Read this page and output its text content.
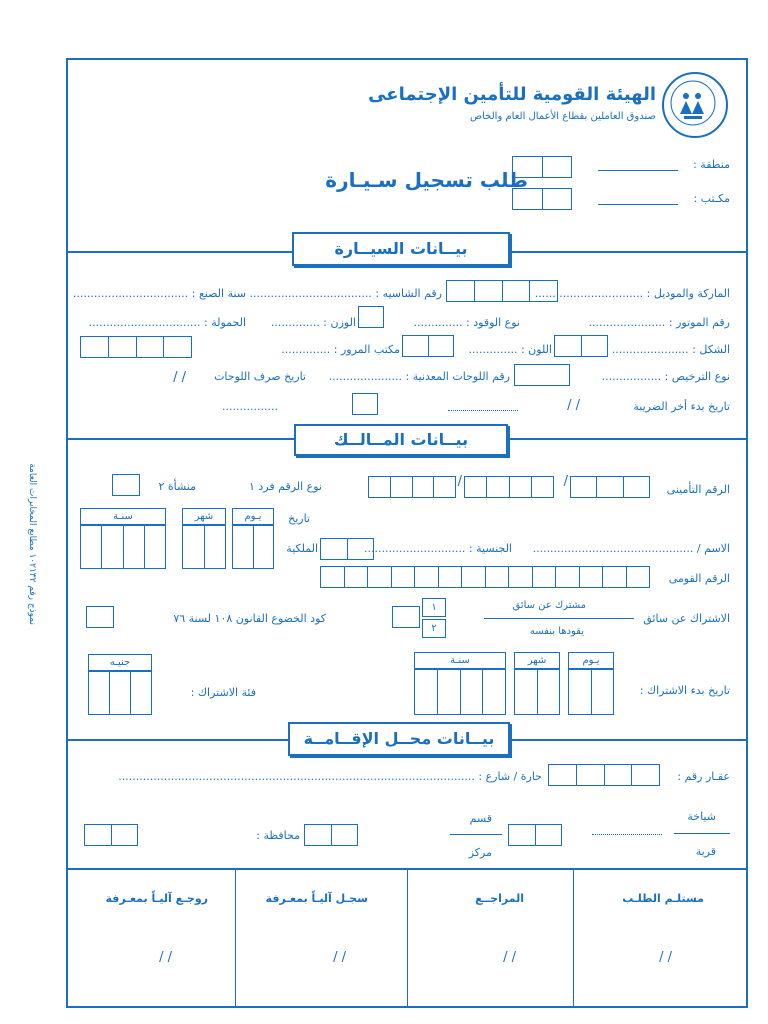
الهيئة القومية للتأمين الإجتماعى
صندوق العاملين بقطاع الأعمال العام والخاص
طلب تسجيل سـيـارة
منطقة :
مكـتب :
بيــانات السيــارة
الماركة والموديل : ...............................
رقم الشاسيه : ...................................
سنة الصنع : .................................
رقم الموتور : ......................
نوع الوقود : ..............
الوزن : ..............
الحمولة : ................................
الشكل : ......................
اللون : ..............
مكتب المرور : ..............
نوع الترخيص : .................
رقم اللوحات المعدنية : .....................
تاريخ صرف اللوحات
/ /
تاريخ بدء أخر الضريبة
/ /
................
بيــانات المــالــك
الرقم التأمينى
/
/
نوع الرقم فرد ١
منشأة ٢
تاريخ
يـوم
شهر
سنـة
الاسم / ..............................................
الجنسية : .............................
الملكية
الرقم القومى
الاشتراك عن سائق
مشترك عن سائق
يقودها بنفسه
١
٢
كود الخضوع القانون ١٠٨ لسنة ٧٦
تاريخ بدء الاشتراك :
يـوم
شهر
سنـة
فئة الاشتراك :
جنيـه
بيــانات محــل الإقــامــة
عقـار رقم :
حارة / شارع : ......................................................................................................
شياخة
قرية
قسم
مركز
محافظة :
مستلـم الطلـب
المراجــع
سجـل آليـاً بمعـرفة
روجـع آليـاً بمعـرفة
/ /
/ /
/ /
/ /
نموذج رقم ١٠٢١٣٢ مطابع المخابرات العامة
